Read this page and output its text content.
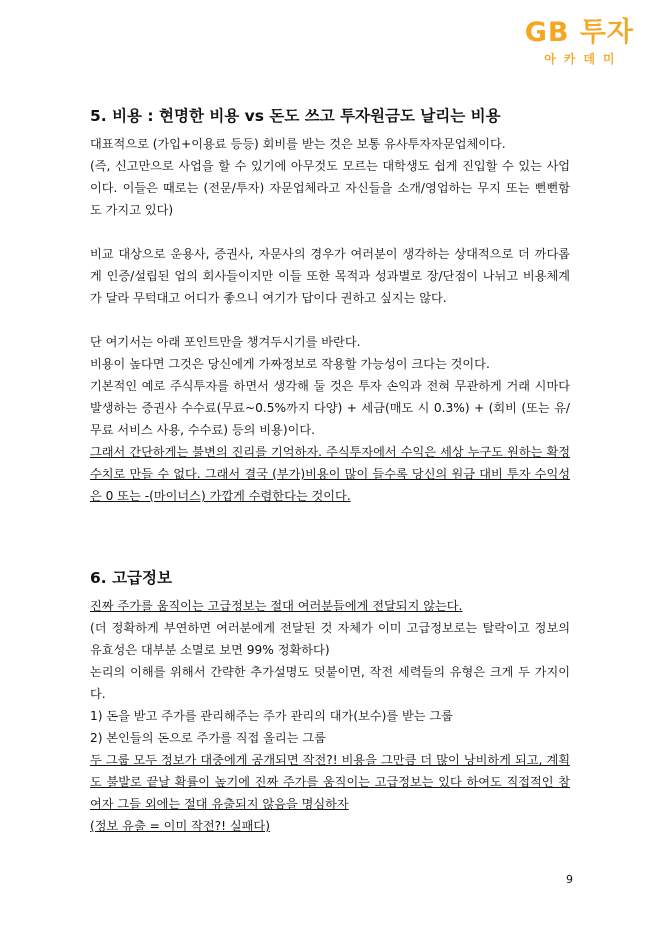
GB 투자
아카데미
5. 비용 : 현명한 비용 vs 돈도 쓰고 투자원금도 날리는 비용

대표적으로 (가입+이용료 등등) 회비를 받는 것은 보통 유사투자자문업체이다.

(즉, 신고만으로 사업을 할 수 있기에 아무것도 모르는 대학생도 쉽게 진입할 수 있는 사업이다. 이들은 때로는 (전문/투자) 자문업체라고 자신들을 소개/영업하는 무지 또는 뻔뻔함도 가지고 있다)

비교 대상으로 운용사, 증권사, 자문사의 경우가 여러분이 생각하는 상대적으로 더 까다롭게 인증/설립된 업의 회사들이지만 이들 또한 목적과 성과별로 장/단점이 나뉘고 비용체계가 달라 무턱대고 어디가 좋으니 여기가 답이다 권하고 싶지는 않다.

단 여기서는 아래 포인트만을 챙겨두시기를 바란다.

비용이 높다면 그것은 당신에게 가짜정보로 작용할 가능성이 크다는 것이다.

기본적인 예로 주식투자를 하면서 생각해 둘 것은 투자 손익과 전혀 무관하게 거래 시마다 발생하는 증권사 수수료(무료~0.5%까지 다양) + 세금(매도 시 0.3%) + (회비 (또는 유/무료 서비스 사용, 수수료) 등의 비용)이다.

그래서 간단하게는 불변의 진리를 기억하자. 주식투자에서 수익은 세상 누구도 원하는 확정 수치로 만들 수 없다. 그래서 결국 (부가)비용이 많이 들수록 당신의 원금 대비 투자 수익성은 0 또는 -(마이너스) 가깝게 수렴한다는 것이다.

6. 고급정보

진짜 주가를 움직이는 고급정보는 절대 여러분들에게 전달되지 않는다.

(더 정확하게 부연하면 여러분에게 전달된 것 자체가 이미 고급정보로는 탈락이고 정보의 유효성은 대부분 소멸로 보면 99% 정확하다)

논리의 이해를 위해서 간략한 추가설명도 덧붙이면, 작전 세력들의 유형은 크게 두 가지이다.

1) 돈을 받고 주가를 관리해주는 주가 관리의 대가(보수)를 받는 그룹

2) 본인들의 돈으로 주가를 직접 올리는 그룹

두 그룹 모두 정보가 대중에게 공개되면 작전?! 비용을 그만큼 더 많이 낭비하게 되고, 계획도 불발로 끝날 확률이 높기에 진짜 주가를 움직이는 고급정보는 있다 하여도 직접적인 참여자 그들 외에는 절대 유출되지 않음을 명심하자

(정보 유출 = 이미 작전?! 실패다)

9
